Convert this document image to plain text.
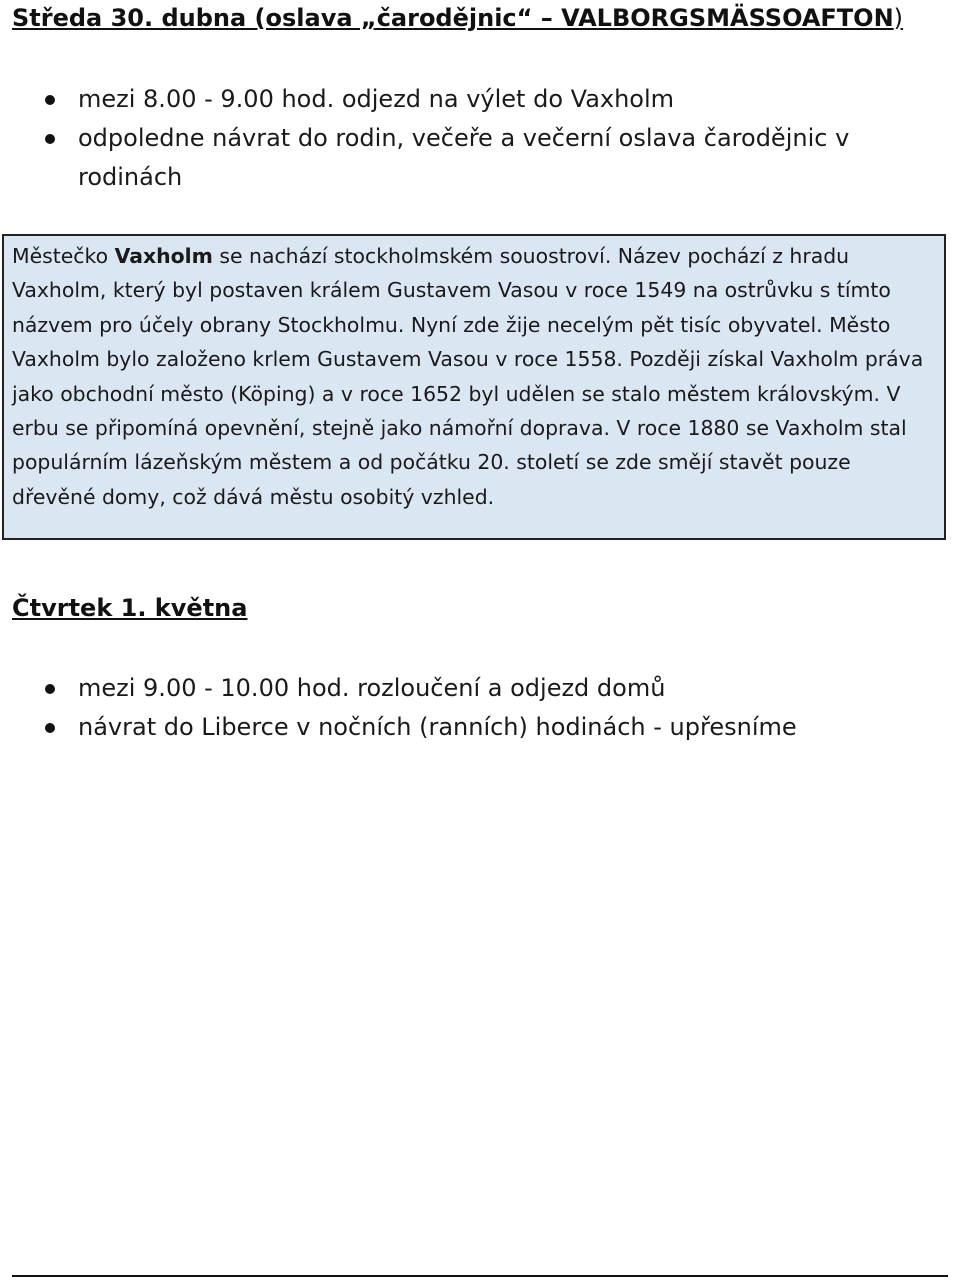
Středa 30. dubna (oslava „čarodějnic“ – VALBORGSMÄSSOAFTON)
mezi 8.00 - 9.00 hod. odjezd na výlet do Vaxholm
odpoledne návrat do rodin, večeře a večerní oslava čarodějnic v rodinách

Městečko Vaxholm se nachází stockholmském souostroví. Název pochází z hradu Vaxholm, který byl postaven králem Gustavem Vasou v roce 1549 na ostrůvku s tímto názvem pro účely obrany Stockholmu. Nyní zde žije necelým pět tisíc obyvatel. Město Vaxholm bylo založeno krlem Gustavem Vasou v roce 1558. Později získal Vaxholm práva jako obchodní město (Köping) a v roce 1652 byl udělen se stalo městem královským. V erbu se připomíná opevnění, stejně jako námořní doprava. V roce 1880 se Vaxholm stal populárním lázeňským městem a od počátku 20. století se zde smějí stavět pouze dřevěné domy, což dává městu osobitý vzhled.

Čtvrtek 1. května
mezi 9.00 - 10.00 hod. rozloučení a odjezd domů
návrat do Liberce v nočních (ranních) hodinách - upřesníme
